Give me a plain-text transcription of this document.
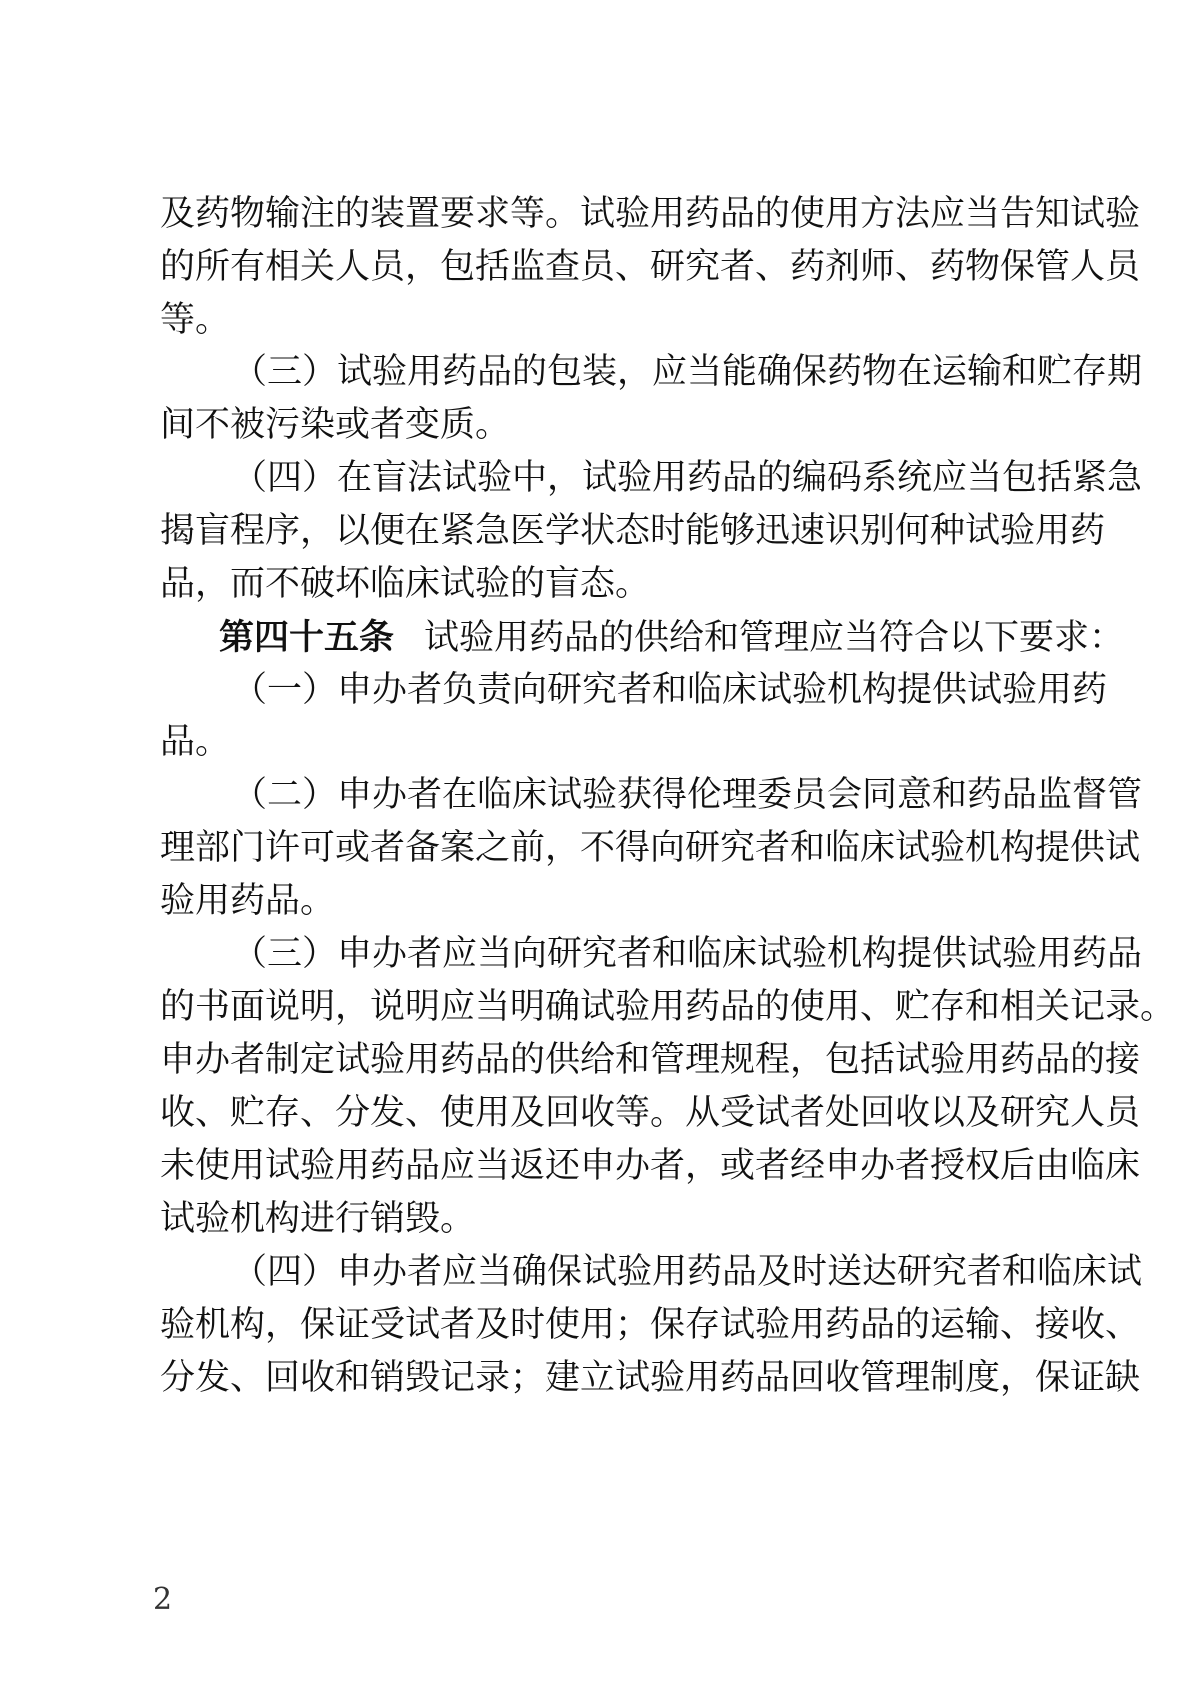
及药物输注的装置要求等。试验用药品的使用方法应当告知试验
的所有相关人员，包括监查员、研究者、药剂师、药物保管人员
等。
（三）试验用药品的包装，应当能确保药物在运输和贮存期
间不被污染或者变质。
（四）在盲法试验中，试验用药品的编码系统应当包括紧急
揭盲程序，以便在紧急医学状态时能够迅速识别何种试验用药
品，而不破坏临床试验的盲态。
第四十五条 试验用药品的供给和管理应当符合以下要求：
（一）申办者负责向研究者和临床试验机构提供试验用药
品。
（二）申办者在临床试验获得伦理委员会同意和药品监督管
理部门许可或者备案之前，不得向研究者和临床试验机构提供试
验用药品。
（三）申办者应当向研究者和临床试验机构提供试验用药品
的书面说明，说明应当明确试验用药品的使用、贮存和相关记录。
申办者制定试验用药品的供给和管理规程，包括试验用药品的接
收、贮存、分发、使用及回收等。从受试者处回收以及研究人员
未使用试验用药品应当返还申办者，或者经申办者授权后由临床
试验机构进行销毁。
（四）申办者应当确保试验用药品及时送达研究者和临床试
验机构，保证受试者及时使用；保存试验用药品的运输、接收、
分发、回收和销毁记录；建立试验用药品回收管理制度，保证缺
2
